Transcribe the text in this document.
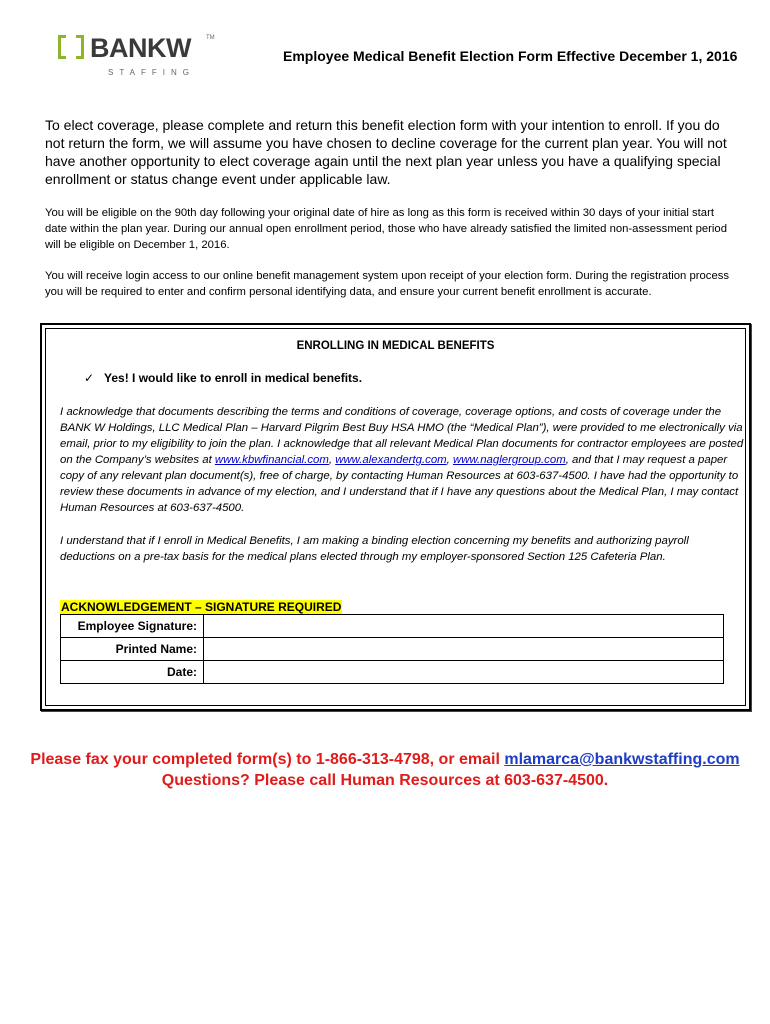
BANKW	TM
STAFFING
Employee Medical Benefit Election Form Effective December 1, 2016
To elect coverage, please complete and return this benefit election form with your intention to enroll. If you do not return the form, we will assume you have chosen to decline coverage for the current plan year. You will not have another opportunity to elect coverage again until the next plan year unless you have a qualifying special enrollment or status change event under applicable law.
You will be eligible on the 90th day following your original date of hire as long as this form is received within 30 days of your initial start date within the plan year. During our annual open enrollment period, those who have already satisfied the limited non-assessment period will be eligible on December 1, 2016.
You will receive login access to our online benefit management system upon receipt of your election form. During the registration process you will be required to enter and confirm personal identifying data, and ensure your current benefit enrollment is accurate.
ENROLLING IN MEDICAL BENEFITS
✓ Yes! I would like to enroll in medical benefits.
I acknowledge that documents describing the terms and conditions of coverage, coverage options, and costs of coverage under the BANK W Holdings, LLC Medical Plan – Harvard Pilgrim Best Buy HSA HMO (the “Medical Plan”), were provided to me electronically via email, prior to my eligibility to join the plan. I acknowledge that all relevant Medical Plan documents for contractor employees are posted on the Company’s websites at www.kbwfinancial.com, www.alexandertg.com, www.naglergroup.com, and that I may request a paper copy of any relevant plan document(s), free of charge, by contacting Human Resources at 603-637-4500. I have had the opportunity to review these documents in advance of my election, and I understand that if I have any questions about the Medical Plan, I may contact Human Resources at 603-637-4500.
I understand that if I enroll in Medical Benefits, I am making a binding election concerning my benefits and authorizing payroll deductions on a pre-tax basis for the medical plans elected through my employer-sponsored Section 125 Cafeteria Plan.
ACKNOWLEDGEMENT – SIGNATURE REQUIRED
Employee Signature:	
Printed Name:	
Date:	
Please fax your completed form(s) to 1-866-313-4798, or email mlamarca@bankwstaffing.com
Questions? Please call Human Resources at 603-637-4500.
